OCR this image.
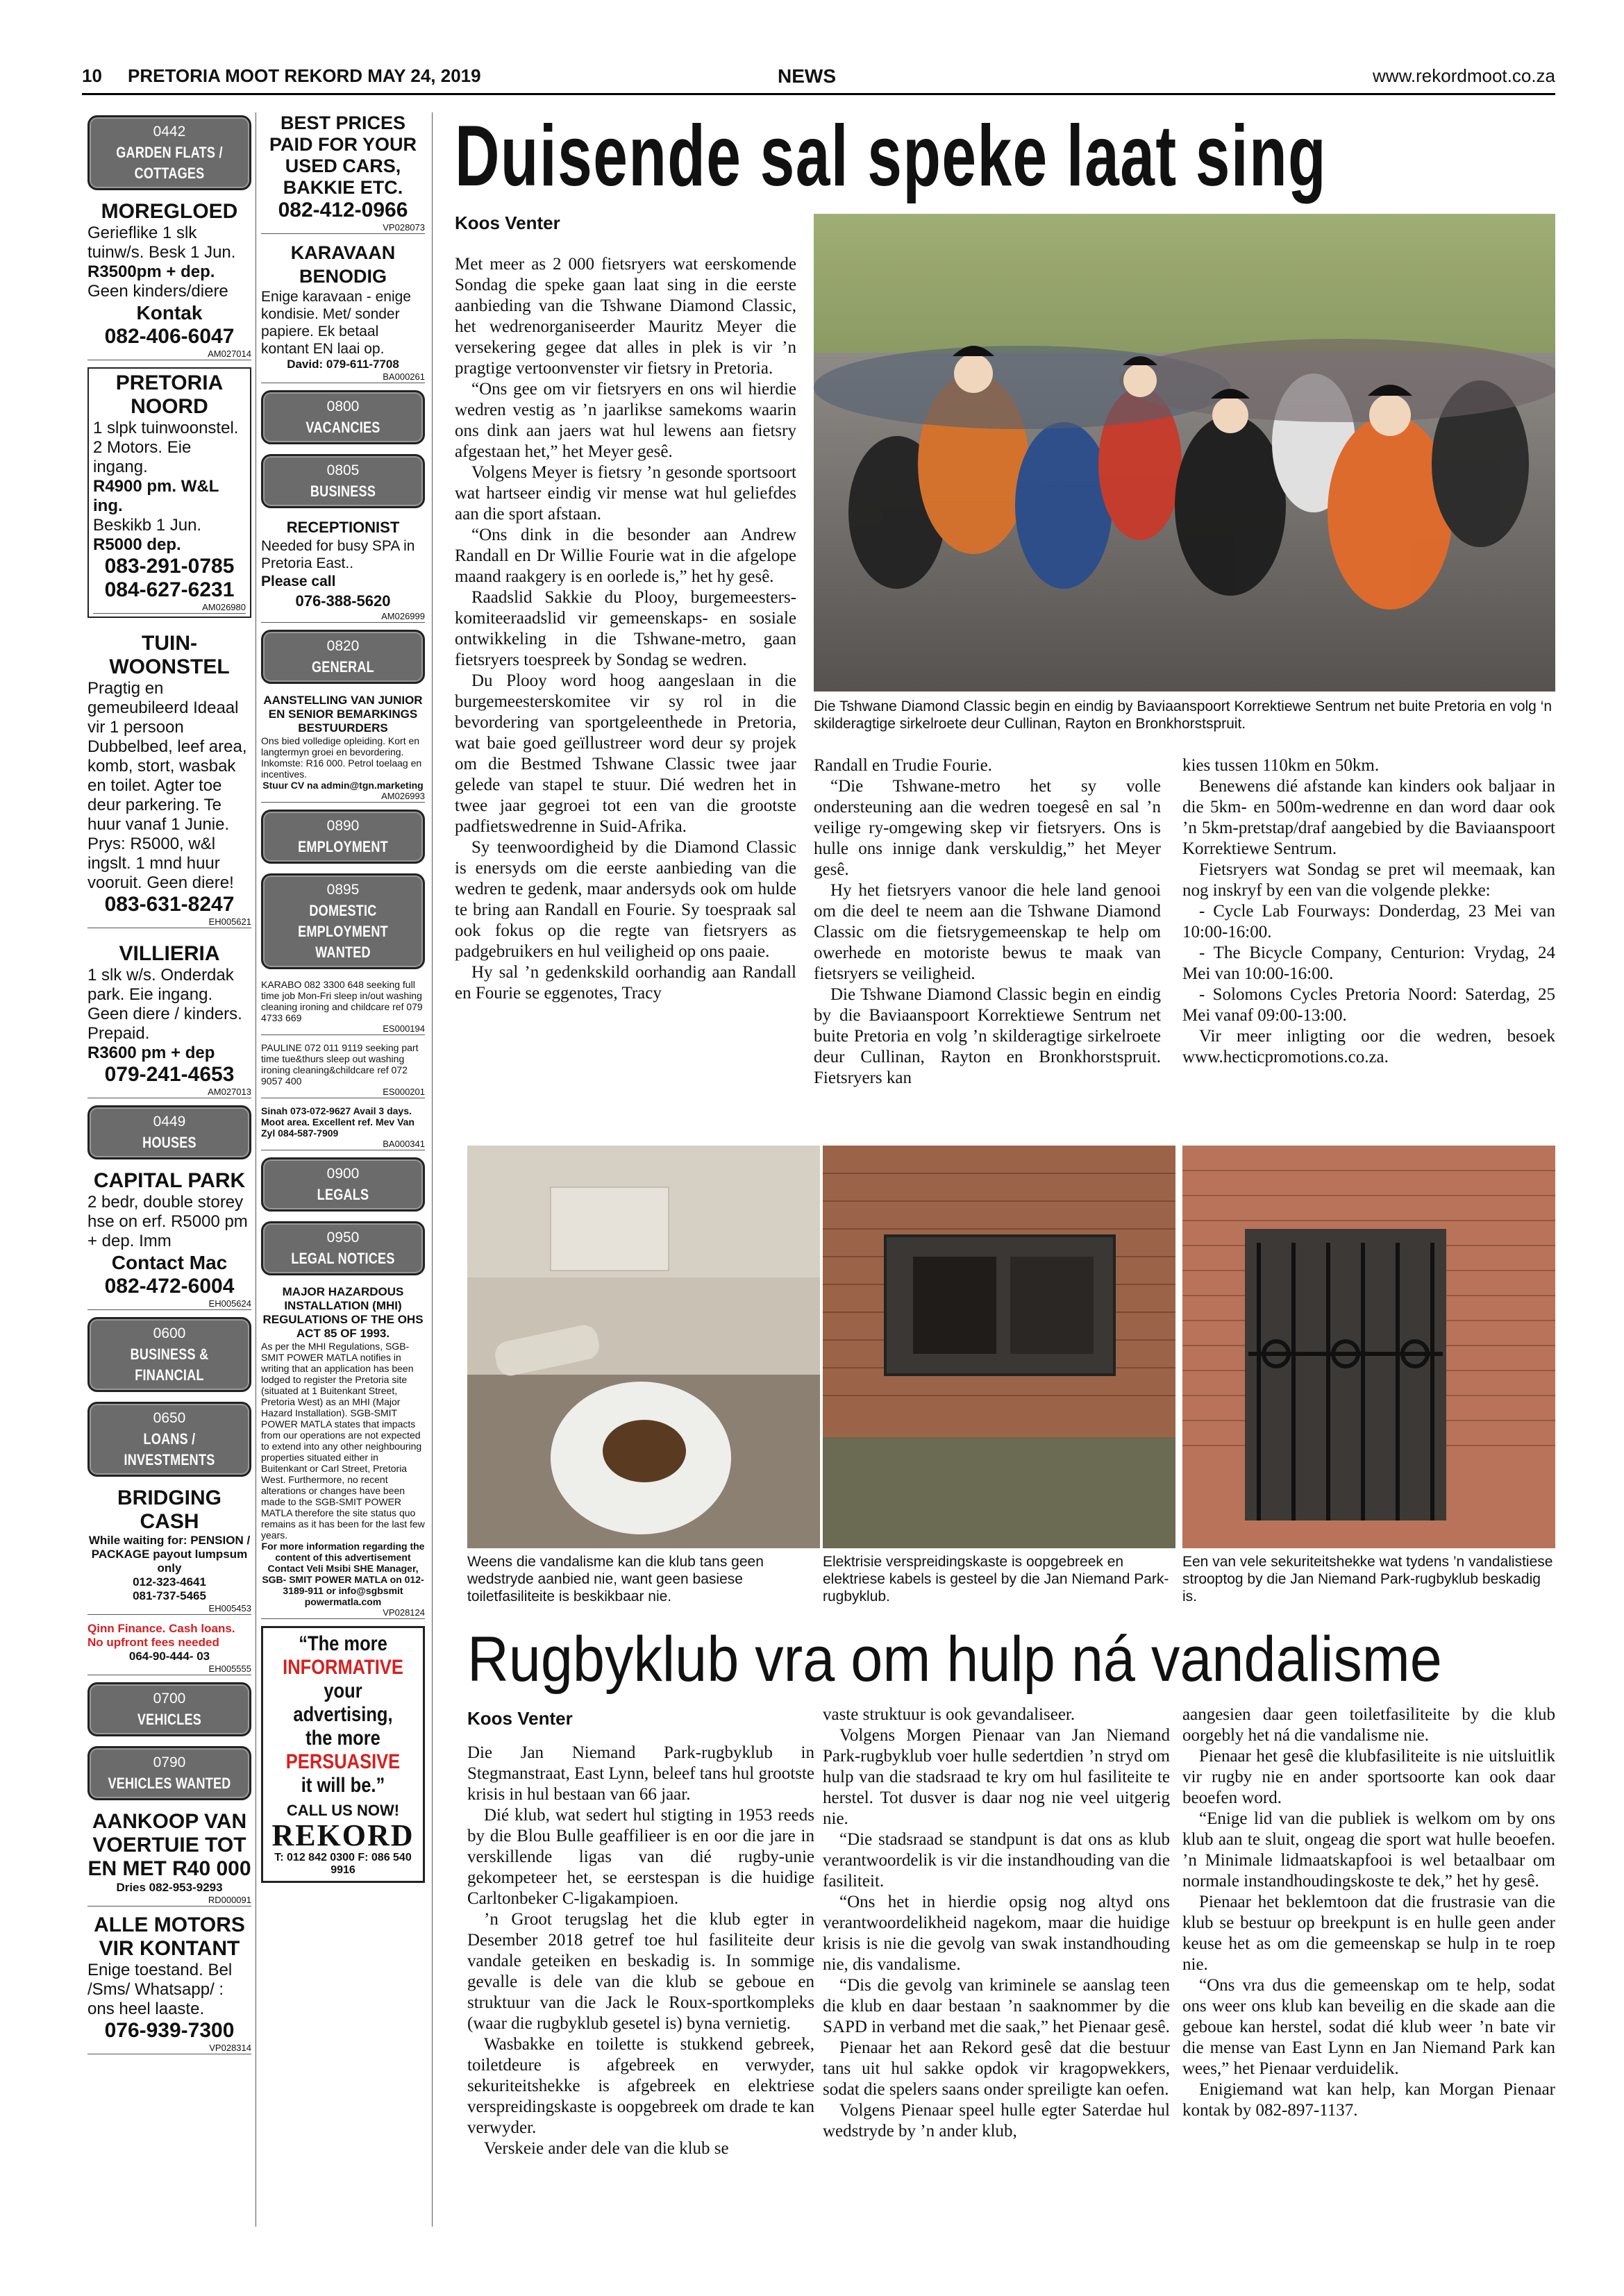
10 PRETORIA MOOT REKORD MAY 24, 2019	NEWS	www.rekordmoot.co.za
0442
GARDEN FLATS /
COTTAGES
MOREGLOED
Gerieflike 1 slk tuinw/s. Besk 1 Jun.
R3500pm + dep.
Geen kinders/diere
Kontak
082-406-6047
AM027014
PRETORIA NOORD
1 slpk tuinwoonstel. 2 Motors. Eie ingang.
R4900 pm. W&L ing.
Beskikb 1 Jun.
R5000 dep.
083-291-0785
084-627-6231
AM026980
TUIN-WOONSTEL
Pragtig en gemeubileerd Ideaal vir 1 persoon Dubbelbed, leef area, komb, stort, wasbak en toilet. Agter toe deur parkering. Te huur vanaf 1 Junie. Prys: R5000, w&l ingslt. 1 mnd huur vooruit. Geen diere!
083-631-8247
EH005621
VILLIERIA
1 slk w/s. Onderdak park. Eie ingang. Geen diere / kinders. Prepaid.
R3600 pm + dep
079-241-4653
AM027013
0449
HOUSES
CAPITAL PARK
2 bedr, double storey hse on erf. R5000 pm + dep. Imm
Contact Mac
082-472-6004
EH005624
0600
BUSINESS &
FINANCIAL
0650
LOANS / INVESTMENTS
BRIDGING CASH
While waiting for: PENSION / PACKAGE payout lumpsum only
012-323-4641
081-737-5465
EH005453
Qinn Finance. Cash loans. No upfront fees needed
064-90-444- 03
EH005555
0700
VEHICLES
0790
VEHICLES WANTED
AANKOOP VAN VOERTUIE TOT EN MET R40 000
Dries 082-953-9293
RD000091
ALLE MOTORS VIR KONTANT
Enige toestand. Bel /Sms/ Whatsapp/ : ons heel laaste.
076-939-7300
VP028314
BEST PRICES PAID FOR YOUR USED CARS, BAKKIE ETC.
082-412-0966
VP028073
KARAVAAN BENODIG
Enige karavaan - enige kondisie. Met/ sonder papiere. Ek betaal kontant EN laai op.
David: 079-611-7708
BA000261
0800
VACANCIES
0805
BUSINESS
RECEPTIONIST
Needed for busy SPA in Pretoria East..
Please call
076-388-5620
AM026999
0820
GENERAL
AANSTELLING VAN JUNIOR EN SENIOR BEMARKINGS BESTUURDERS
Ons bied volledige opleiding. Kort en langtermyn groei en bevordering.
Inkomste: R16 000. Petrol toelaag en incentives.
Stuur CV na admin@tgn.marketing
AM026993
0890
EMPLOYMENT
0895
DOMESTIC
EMPLOYMENT
WANTED
KARABO 082 3300 648 seeking full time job Mon-Fri sleep in/out washing cleaning ironing and childcare ref 079 4733 669
ES000194
PAULINE 072 011 9119 seeking part time tue&thurs sleep out washing ironing cleaning&childcare ref 072 9057 400
ES000201
Sinah 073-072-9627 Avail 3 days. Moot area. Excellent ref. Mev Van Zyl 084-587-7909
BA000341
0900
LEGALS
0950
LEGAL NOTICES
MAJOR HAZARDOUS INSTALLATION (MHI) REGULATIONS OF THE OHS ACT 85 OF 1993.
As per the MHI Regulations, SGB-SMIT POWER MATLA notifies in writing that an application has been lodged to register the Pretoria site (situated at 1 Buitenkant Street, Pretoria West) as an MHI (Major Hazard Installation). SGB-SMIT POWER MATLA states that impacts from our operations are not expected to extend into any other neighbouring properties situated either in Buitenkant or Carl Street, Pretoria West. Furthermore, no recent alterations or changes have been made to the SGB-SMIT POWER MATLA therefore the site status quo remains as it has been for the last few years.
For more information regarding the content of this advertisement Contact Veli Msibi SHE Manager, SGB- SMIT POWER MATLA on 012-3189-911 or info@sgbsmit powermatla.com
VP028124
“The more
INFORMATIVE
your advertising,
the more
PERSUASIVE
it will be.”
CALL US NOW!
REKORD
T: 012 842 0300 F: 086 540 9916
Duisende sal speke laat sing
Koos Venter

Met meer as 2 000 fietsryers wat eerskomende Sondag die speke gaan laat sing in die eerste aanbieding van die Tshwane Diamond Classic, het wedrenorganiseerder Mauritz Meyer die versekering gegee dat alles in plek is vir ’n pragtige vertoonvenster vir fietsry in Pretoria.

“Ons gee om vir fietsryers en ons wil hierdie wedren vestig as ’n jaarlikse samekoms waarin ons dink aan jaers wat hul lewens aan fietsry afgestaan het,” het Meyer gesê.

Volgens Meyer is fietsry ’n gesonde sportsoort wat hartseer eindig vir mense wat hul geliefdes aan die sport afstaan.

“Ons dink in die besonder aan Andrew Randall en Dr Willie Fourie wat in die afgelope maand raakgery is en oorlede is,” het hy gesê.

Raadslid Sakkie du Plooy, burgemeesters-komiteeraadslid vir gemeenskaps- en sosiale ontwikkeling in die Tshwane-metro, gaan fietsryers toespreek by Sondag se wedren.

Du Plooy word hoog aangeslaan in die burgemeesterskomitee vir sy rol in die bevordering van sportgeleenthede in Pretoria, wat baie goed geïllustreer word deur sy projek om die Bestmed Tshwane Classic twee jaar gelede van stapel te stuur. Dié wedren het in twee jaar gegroei tot een van die grootste padfietswedrenne in Suid-Afrika.

Sy teenwoordigheid by die Diamond Classic is enersyds om die eerste aanbieding van die wedren te gedenk, maar andersyds ook om hulde te bring aan Randall en Fourie. Sy toespraak sal ook fokus op die regte van fietsryers as padgebruikers en hul veiligheid op ons paaie.

Hy sal ’n gedenkskild oorhandig aan Randall en Fourie se eggenotes, Tracy

Die Tshwane Diamond Classic begin en eindig by Baviaanspoort Korrektiewe Sentrum net buite Pretoria en volg ‘n skilderagtige sirkelroete deur Cullinan, Rayton en Bronkhorstspruit.

Randall en Trudie Fourie.

“Die Tshwane-metro het sy volle ondersteuning aan die wedren toegesê en sal ’n veilige ry-omgewing skep vir fietsryers. Ons is hulle ons innige dank verskuldig,” het Meyer gesê.

Hy het fietsryers vanoor die hele land genooi om die deel te neem aan die Tshwane Diamond Classic om die fietsrygemeenskap te help om owerhede en motoriste bewus te maak van fietsryers se veiligheid.

Die Tshwane Diamond Classic begin en eindig by die Baviaanspoort Korrektiewe Sentrum net buite Pretoria en volg ’n skilderagtige sirkelroete deur Cullinan, Rayton en Bronkhorstspruit. Fietsryers kan

kies tussen 110km en 50km.

Benewens dié afstande kan kinders ook baljaar in die 5km- en 500m-wedrenne en dan word daar ook ’n 5km-pretstap/draf aangebied by die Baviaanspoort Korrektiewe Sentrum.

Fietsryers wat Sondag se pret wil meemaak, kan nog inskryf by een van die volgende plekke:

- Cycle Lab Fourways: Donderdag, 23 Mei van 10:00-16:00.

- The Bicycle Company, Centurion: Vrydag, 24 Mei van 10:00-16:00.

- Solomons Cycles Pretoria Noord: Saterdag, 25 Mei vanaf 09:00-13:00.

Vir meer inligting oor die wedren, besoek www.hecticpromotions.co.za.

Weens die vandalisme kan die klub tans geen wedstryde aanbied nie, want geen basiese toiletfasiliteite is beskikbaar nie.
Elektrisie verspreidingskaste is oopgebreek en elektriese kabels is gesteel by die Jan Niemand Park-rugbyklub.
Een van vele sekuriteitshekke wat tydens ’n vandalistiese strooptog by die Jan Niemand Park-rugbyklub beskadig is.
Rugbyklub vra om hulp ná vandalisme
Koos Venter

Die Jan Niemand Park-rugbyklub in Stegmanstraat, East Lynn, beleef tans hul grootste krisis in hul bestaan van 66 jaar.

Dié klub, wat sedert hul stigting in 1953 reeds by die Blou Bulle geaffilieer is en oor die jare in verskillende ligas van dié rugby-unie gekompeteer het, se eerstespan is die huidige Carltonbeker C-ligakampioen.

’n Groot terugslag het die klub egter in Desember 2018 getref toe hul fasiliteite deur vandale geteiken en beskadig is. In sommige gevalle is dele van die klub se geboue en struktuur van die Jack le Roux-sportkompleks (waar die rugbyklub gesetel is) byna vernietig.

Wasbakke en toilette is stukkend gebreek, toiletdeure is afgebreek en verwyder, sekuriteitshekke is afgebreek en elektriese verspreidingskaste is oopgebreek om drade te kan verwyder.

Verskeie ander dele van die klub se

vaste struktuur is ook gevandaliseer.

Volgens Morgen Pienaar van Jan Niemand Park-rugbyklub voer hulle sedertdien ’n stryd om hulp van die stadsraad te kry om hul fasiliteite te herstel. Tot dusver is daar nog nie veel uitgerig nie.

“Die stadsraad se standpunt is dat ons as klub verantwoordelik is vir die instandhouding van die fasiliteit.

“Ons het in hierdie opsig nog altyd ons verantwoordelikheid nagekom, maar die huidige krisis is nie die gevolg van swak instandhouding nie, dis vandalisme.

“Dis die gevolg van kriminele se aanslag teen die klub en daar bestaan ’n saaknommer by die SAPD in verband met die saak,” het Pienaar gesê.

Pienaar het aan Rekord gesê dat die bestuur tans uit hul sakke opdok vir kragopwekkers, sodat die spelers saans onder spreiligte kan oefen.

Volgens Pienaar speel hulle egter Saterdae hul wedstryde by ’n ander klub,

aangesien daar geen toiletfasiliteite by die klub oorgebly het ná die vandalisme nie.

Pienaar het gesê die klubfasiliteite is nie uitsluitlik vir rugby nie en ander sportsoorte kan ook daar beoefen word.

“Enige lid van die publiek is welkom om by ons klub aan te sluit, ongeag die sport wat hulle beoefen. ’n Minimale lidmaatskapfooi is wel betaalbaar om normale instandhoudingskoste te dek,” het hy gesê.

Pienaar het beklemtoon dat die frustrasie van die klub se bestuur op breekpunt is en hulle geen ander keuse het as om die gemeenskap se hulp in te roep nie.

“Ons vra dus die gemeenskap om te help, sodat ons weer ons klub kan beveilig en die skade aan die geboue kan herstel, sodat dié klub weer ’n bate vir die mense van East Lynn en Jan Niemand Park kan wees,” het Pienaar verduidelik.

Enigiemand wat kan help, kan Morgan Pienaar kontak by 082-897-1137.
